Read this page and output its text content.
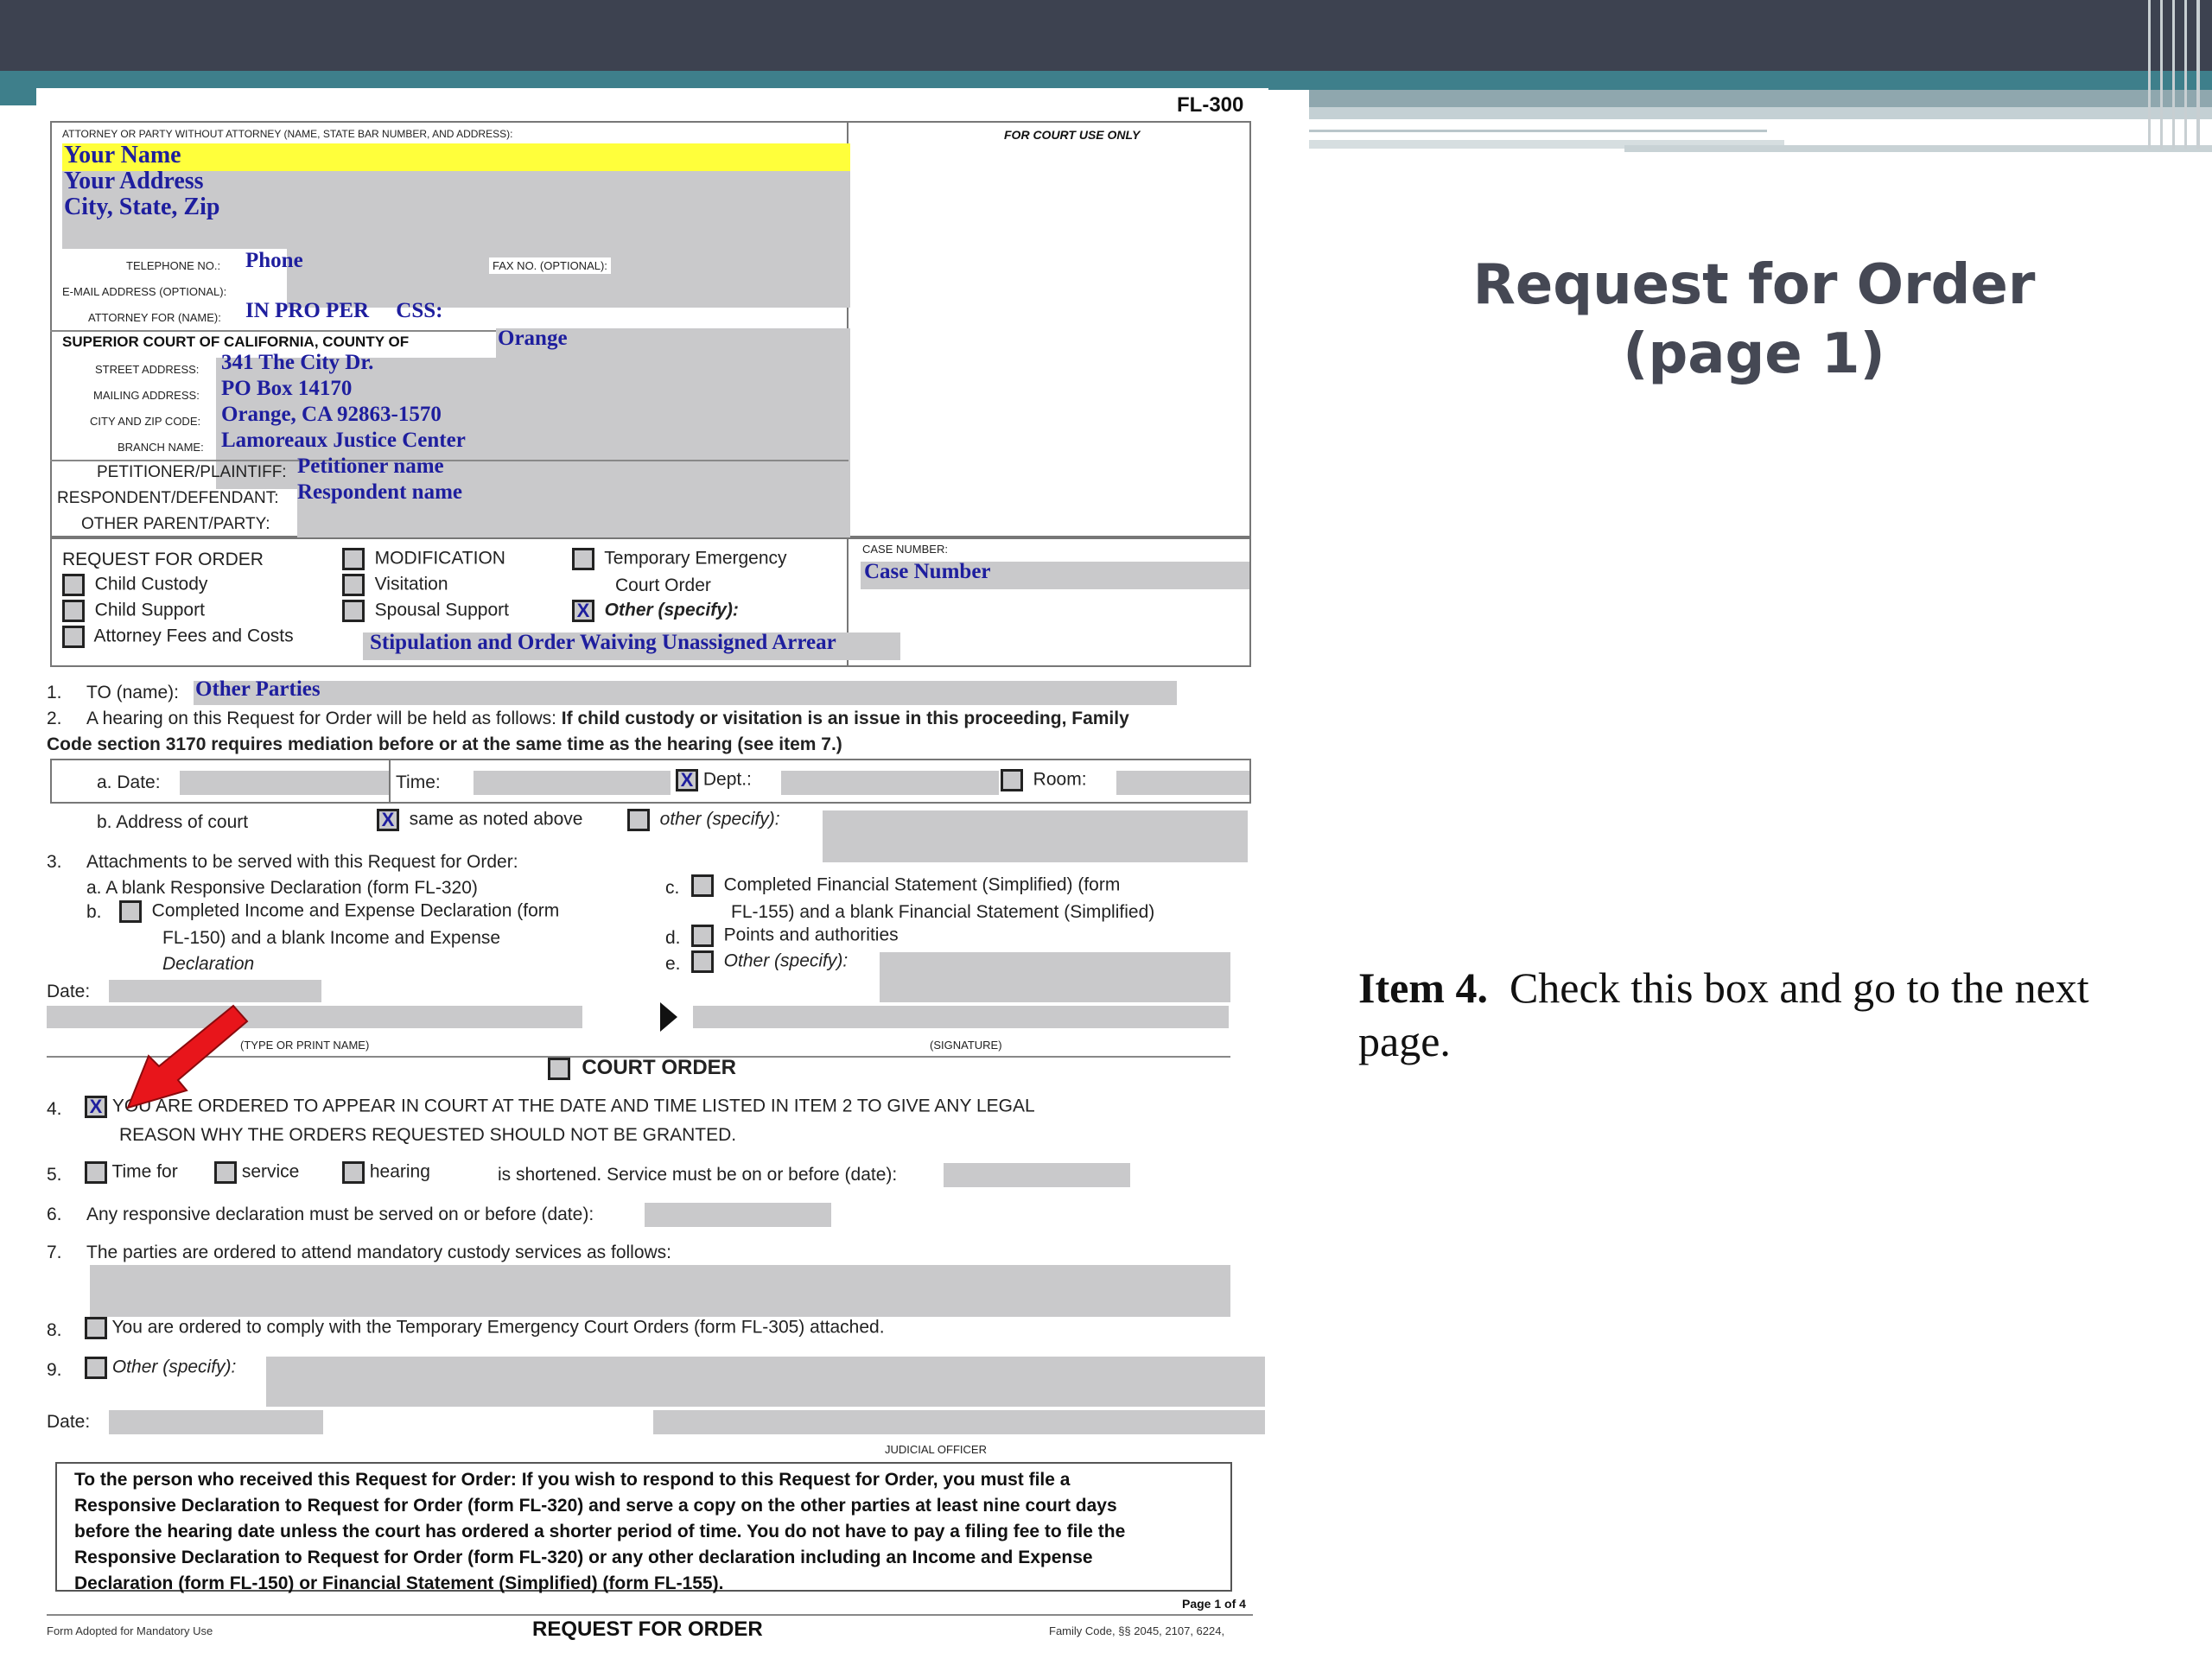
Request for Order
(page 1)
Item 4. Check this box and go to the next page.
FL-300
ATTORNEY OR PARTY WITHOUT ATTORNEY (NAME, STATE BAR NUMBER, AND ADDRESS):	FOR COURT USE ONLY
Your Name
Your Address
City, State, Zip
TELEPHONE NO.: Phone	FAX NO. (OPTIONAL):
E-MAIL ADDRESS (OPTIONAL):
ATTORNEY FOR (NAME): IN PRO PER     CSS:
SUPERIOR COURT OF CALIFORNIA, COUNTY OF	Orange
STREET ADDRESS: 341 The City Dr.
MAILING ADDRESS: PO Box 14170
CITY AND ZIP CODE: Orange, CA 92863-1570
BRANCH NAME: Lamoreaux Justice Center
PETITIONER/PLAINTIFF: Petitioner name
RESPONDENT/DEFENDANT: Respondent name
OTHER PARENT/PARTY:
REQUEST FOR ORDER
Child Custody
Child Support
Attorney Fees and Costs
MODIFICATION
Visitation
Spousal Support
Temporary Emergency
Court Order
X Other (specify):
Stipulation and Order Waiving Unassigned Arrear
CASE NUMBER:
Case Number
1. TO (name): Other Parties
2. A hearing on this Request for Order will be held as follows: If child custody or visitation is an issue in this proceeding, Family
Code section 3170 requires mediation before or at the same time as the hearing (see item 7.)
a. Date:	Time:	X Dept.:	Room:
b. Address of court	X same as noted above	other (specify):
3. Attachments to be served with this Request for Order:
a. A blank Responsive Declaration (form FL-320)
b.	Completed Income and Expense Declaration (form
FL-150) and a blank Income and Expense
Declaration
c.	Completed Financial Statement (Simplified) (form
FL-155) and a blank Financial Statement (Simplified)
d.	Points and authorities
e.	Other (specify):
Date:
(TYPE OR PRINT NAME)	(SIGNATURE)
COURT ORDER
4. X YOU ARE ORDERED TO APPEAR IN COURT AT THE DATE AND TIME LISTED IN ITEM 2 TO GIVE ANY LEGAL
REASON WHY THE ORDERS REQUESTED SHOULD NOT BE GRANTED.
5.	Time for	service	hearing	is shortened. Service must be on or before (date):
6. Any responsive declaration must be served on or before (date):
7. The parties are ordered to attend mandatory custody services as follows:
8.	You are ordered to comply with the Temporary Emergency Court Orders (form FL-305) attached.
9.	Other (specify):
Date:
JUDICIAL OFFICER
To the person who received this Request for Order: If you wish to respond to this Request for Order, you must file a
Responsive Declaration to Request for Order (form FL-320) and serve a copy on the other parties at least nine court days
before the hearing date unless the court has ordered a shorter period of time. You do not have to pay a filing fee to file the
Responsive Declaration to Request for Order (form FL-320) or any other declaration including an Income and Expense
Declaration (form FL-150) or Financial Statement (Simplified) (form FL-155).
Page 1 of 4
Form Adopted for Mandatory Use	REQUEST FOR ORDER	Family Code, §§ 2045, 2107, 6224,
